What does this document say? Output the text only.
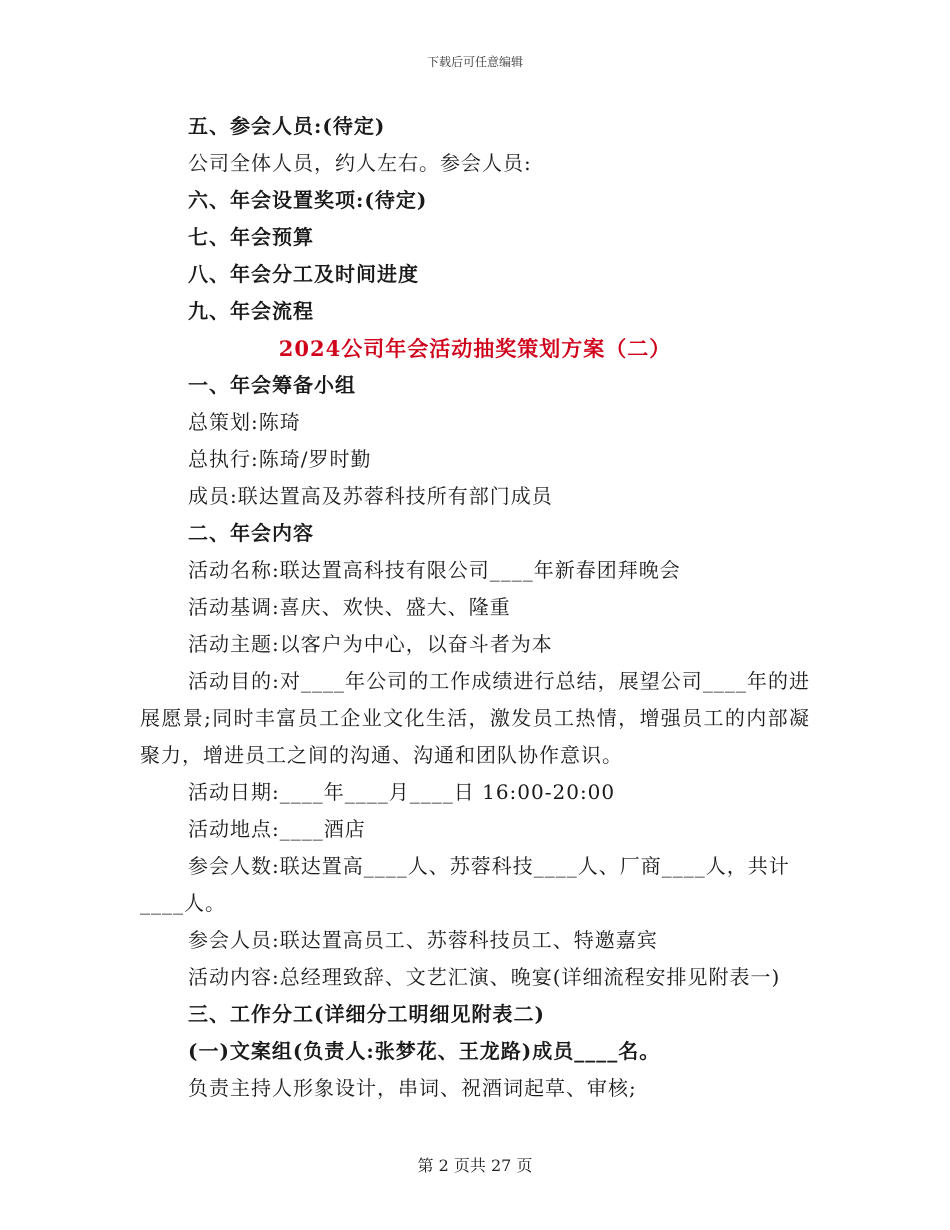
下载后可任意编辑

五、参会人员:(待定)

公司全体人员，约人左右。参会人员:

六、年会设置奖项:(待定)

七、年会预算

八、年会分工及时间进度

九、年会流程

2024公司年会活动抽奖策划方案（二）

一、年会筹备小组

总策划:陈琦

总执行:陈琦/罗时勤

成员:联达置高及苏蓉科技所有部门成员

二、年会内容

活动名称:联达置高科技有限公司____年新春团拜晚会

活动基调:喜庆、欢快、盛大、隆重

活动主题:以客户为中心，以奋斗者为本

活动目的:对____年公司的工作成绩进行总结，展望公司____年的进展愿景;同时丰富员工企业文化生活，激发员工热情，增强员工的内部凝聚力，增进员工之间的沟通、沟通和团队协作意识。

活动日期:____年____月____日 16:00-20:00

活动地点:____酒店

参会人数:联达置高____人、苏蓉科技____人、厂商____人，共计____人。

参会人员:联达置高员工、苏蓉科技员工、特邀嘉宾

活动内容:总经理致辞、文艺汇演、晚宴(详细流程安排见附表一)

三、工作分工(详细分工明细见附表二)

(一)文案组(负责人:张梦花、王龙路)成员____名。

负责主持人形象设计，串词、祝酒词起草、审核;

第 2 页共 27 页
